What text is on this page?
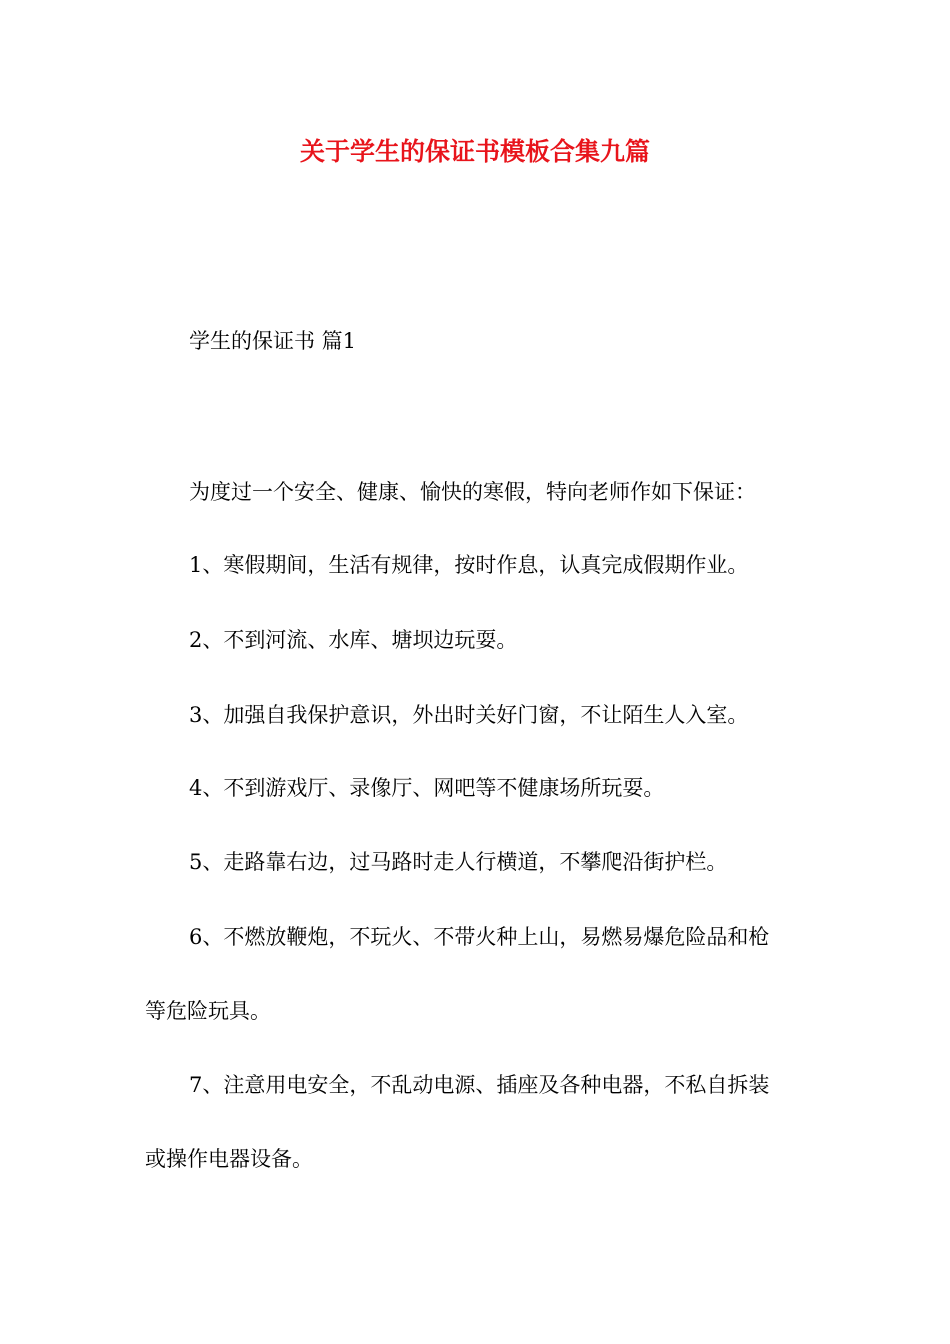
关于学生的保证书模板合集九篇
学生的保证书 篇1
为度过一个安全、健康、愉快的寒假，特向老师作如下保证：
1、寒假期间，生活有规律，按时作息，认真完成假期作业。
2、不到河流、水库、塘坝边玩耍。
3、加强自我保护意识，外出时关好门窗，不让陌生人入室。
4、不到游戏厅、录像厅、网吧等不健康场所玩耍。
5、走路靠右边，过马路时走人行横道，不攀爬沿街护栏。
6、不燃放鞭炮，不玩火、不带火种上山，易燃易爆危险品和枪
等危险玩具。
7、注意用电安全，不乱动电源、插座及各种电器，不私自拆装
或操作电器设备。
